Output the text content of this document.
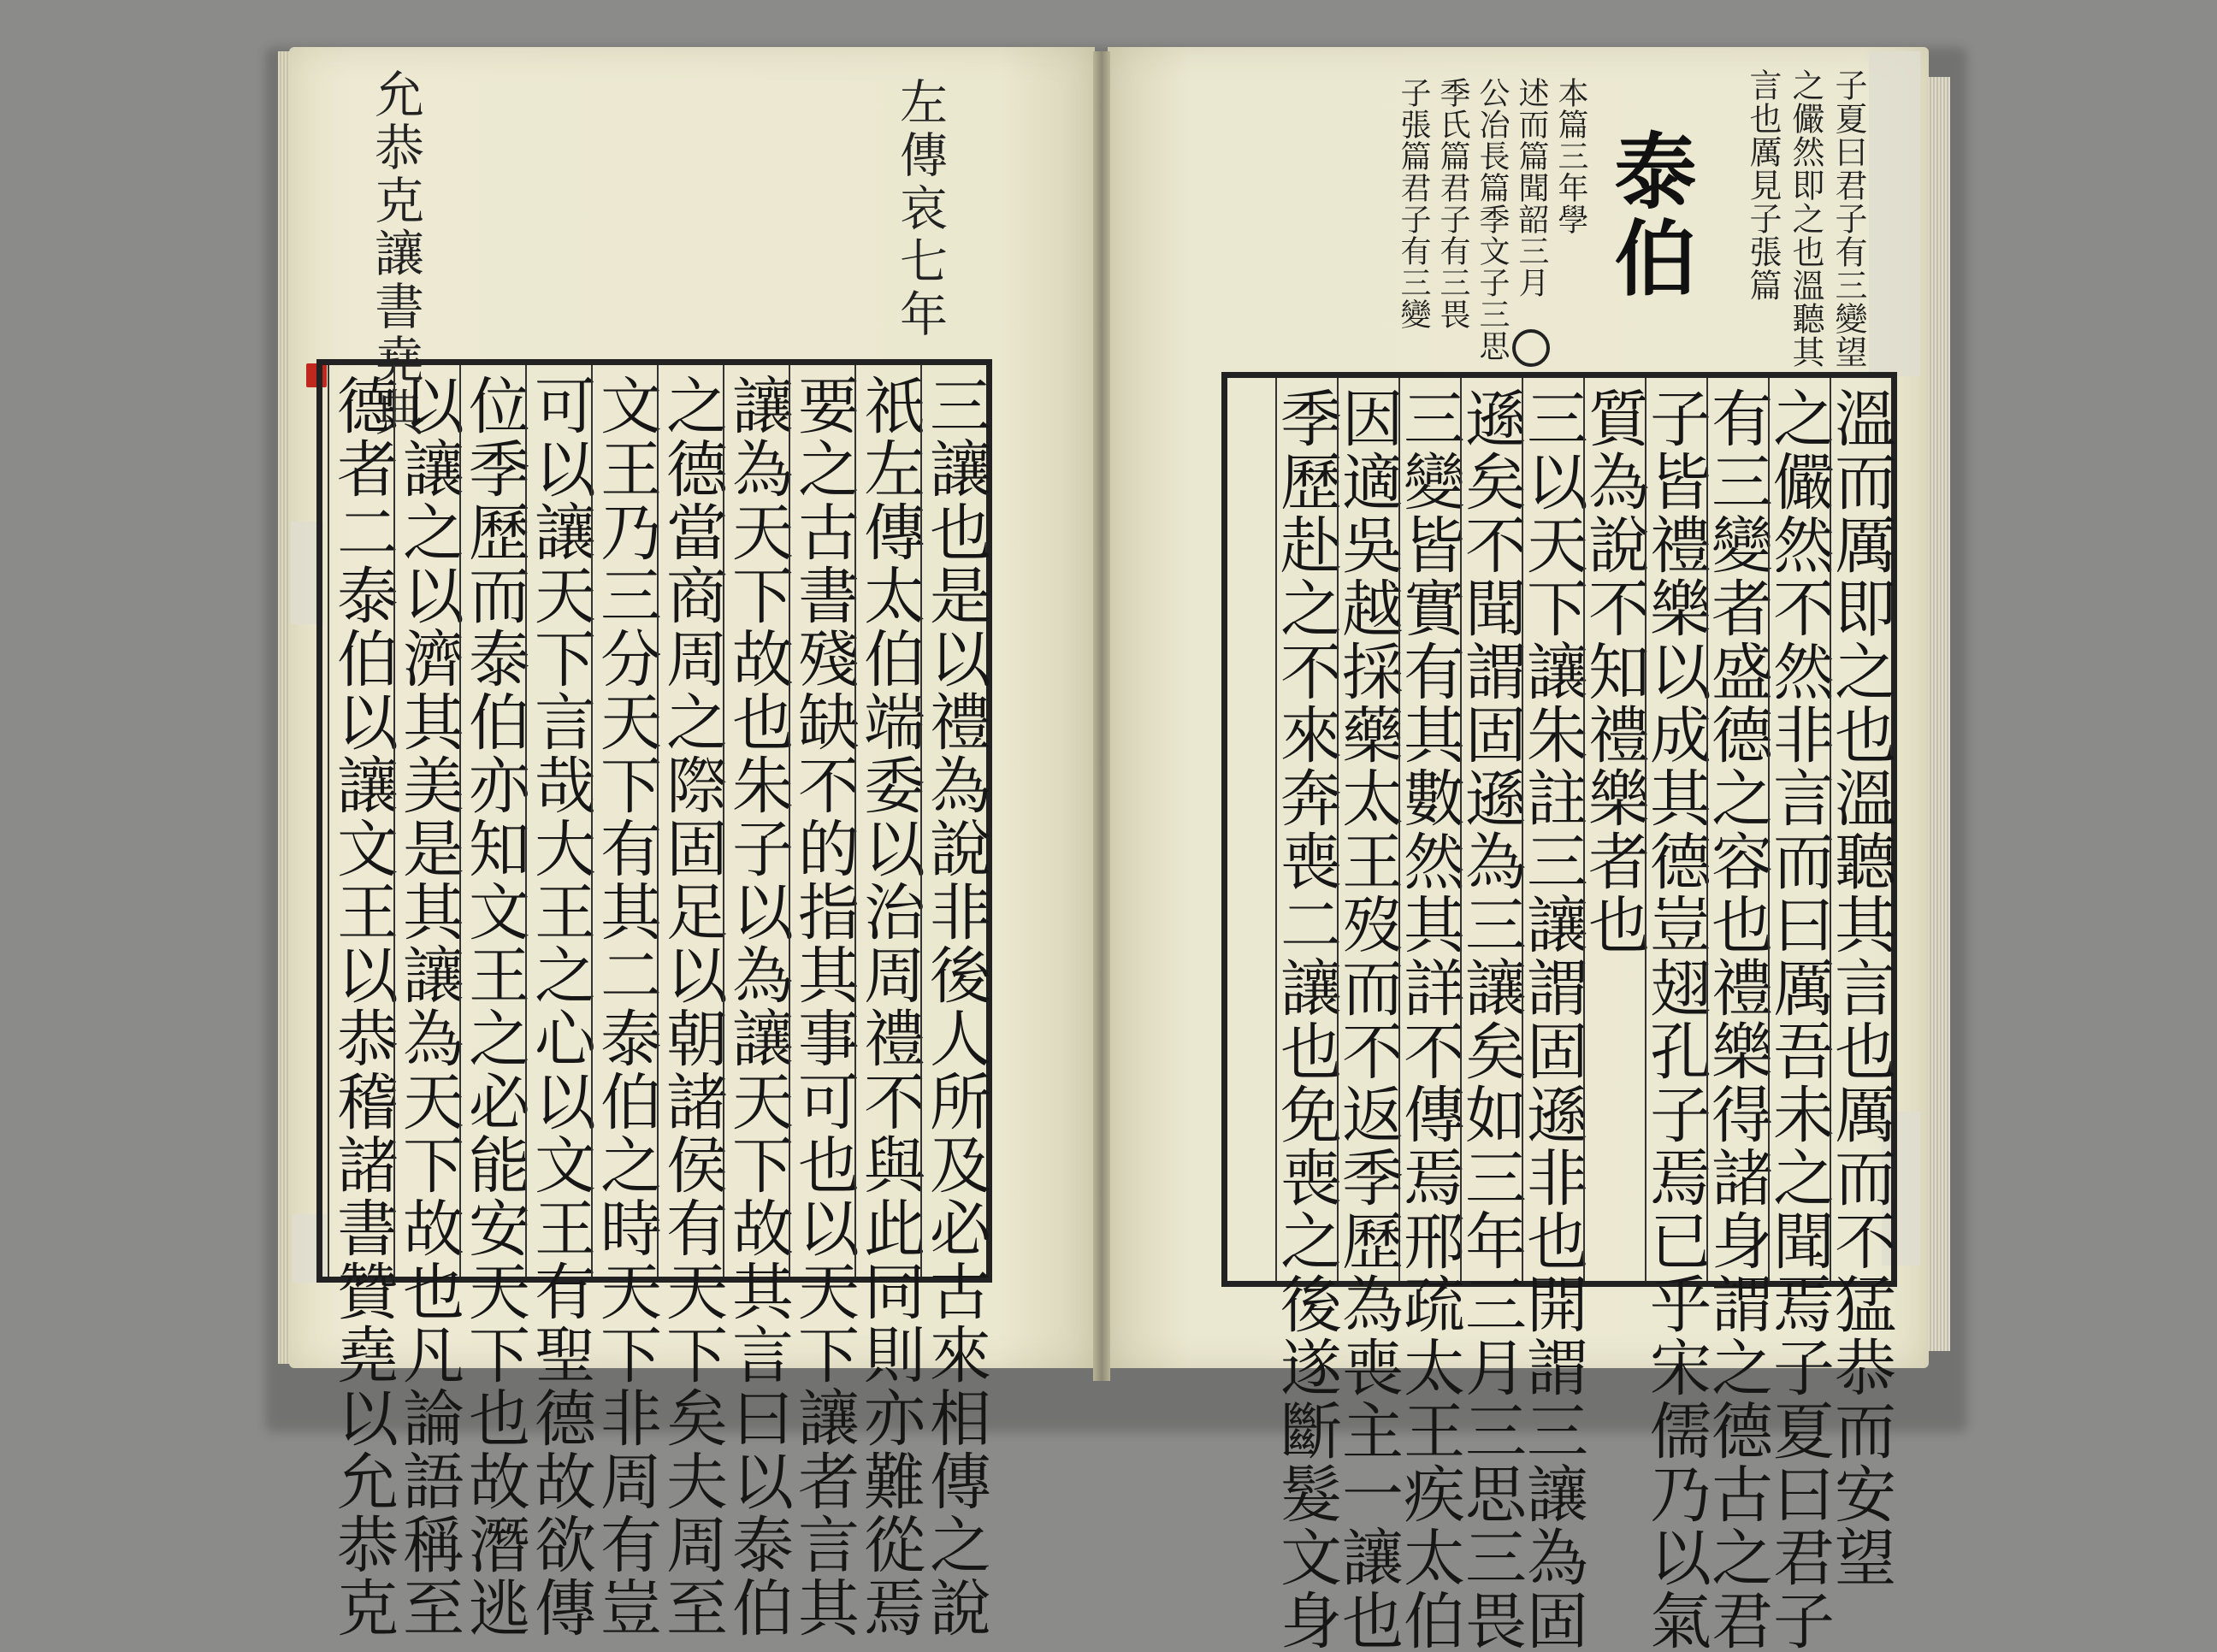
允恭克讓書堯典	左傳哀七年
三讓也是以禮為說非後人所及必古來相傳之說
祇左傳太伯端委以治周禮不與此同則亦難從焉
要之古書殘缺不的指其事可也以天下讓者言其
讓為天下故也朱子以為讓天下故其言曰以泰伯
之德當商周之際固足以朝諸侯有天下矣夫周至
文王乃三分天下有其二泰伯之時天下非周有豈
可以讓天下言哉大王之心以文王有聖德故欲傳
位季歷而泰伯亦知文王之必能安天下也故潛逃
以讓之以濟其美是其讓為天下故也凡論語稱至
德者二泰伯以讓文王以恭稽諸書贊堯以允恭克
子夏曰君子有三變望
之儼然即之也溫聽其
言也厲見子張篇
泰伯
本篇三年學
述而篇聞韶三月
公冶長篇季文子三思
季氏篇君子有三畏
子張篇君子有三變
溫而厲即之也溫聽其言也厲而不猛恭而安望
之儼然不然非言而曰厲吾未之聞焉子夏曰君子
有三變者盛德之容也禮樂得諸身謂之德古之君
子皆禮樂以成其德豈翅孔子焉已乎宋儒乃以氣
質為說不知禮樂者也
三以天下讓朱註三讓謂固遜非也開謂三讓為固
遜矣不聞謂固遜為三讓矣如三年三月三思三畏
三變皆實有其數然其詳不傳焉邢疏太王疾太伯
因適吳越採藥太王歿而不返季歷為喪主一讓也
季歷赴之不來奔喪二讓也免喪之後遂斷髮文身
